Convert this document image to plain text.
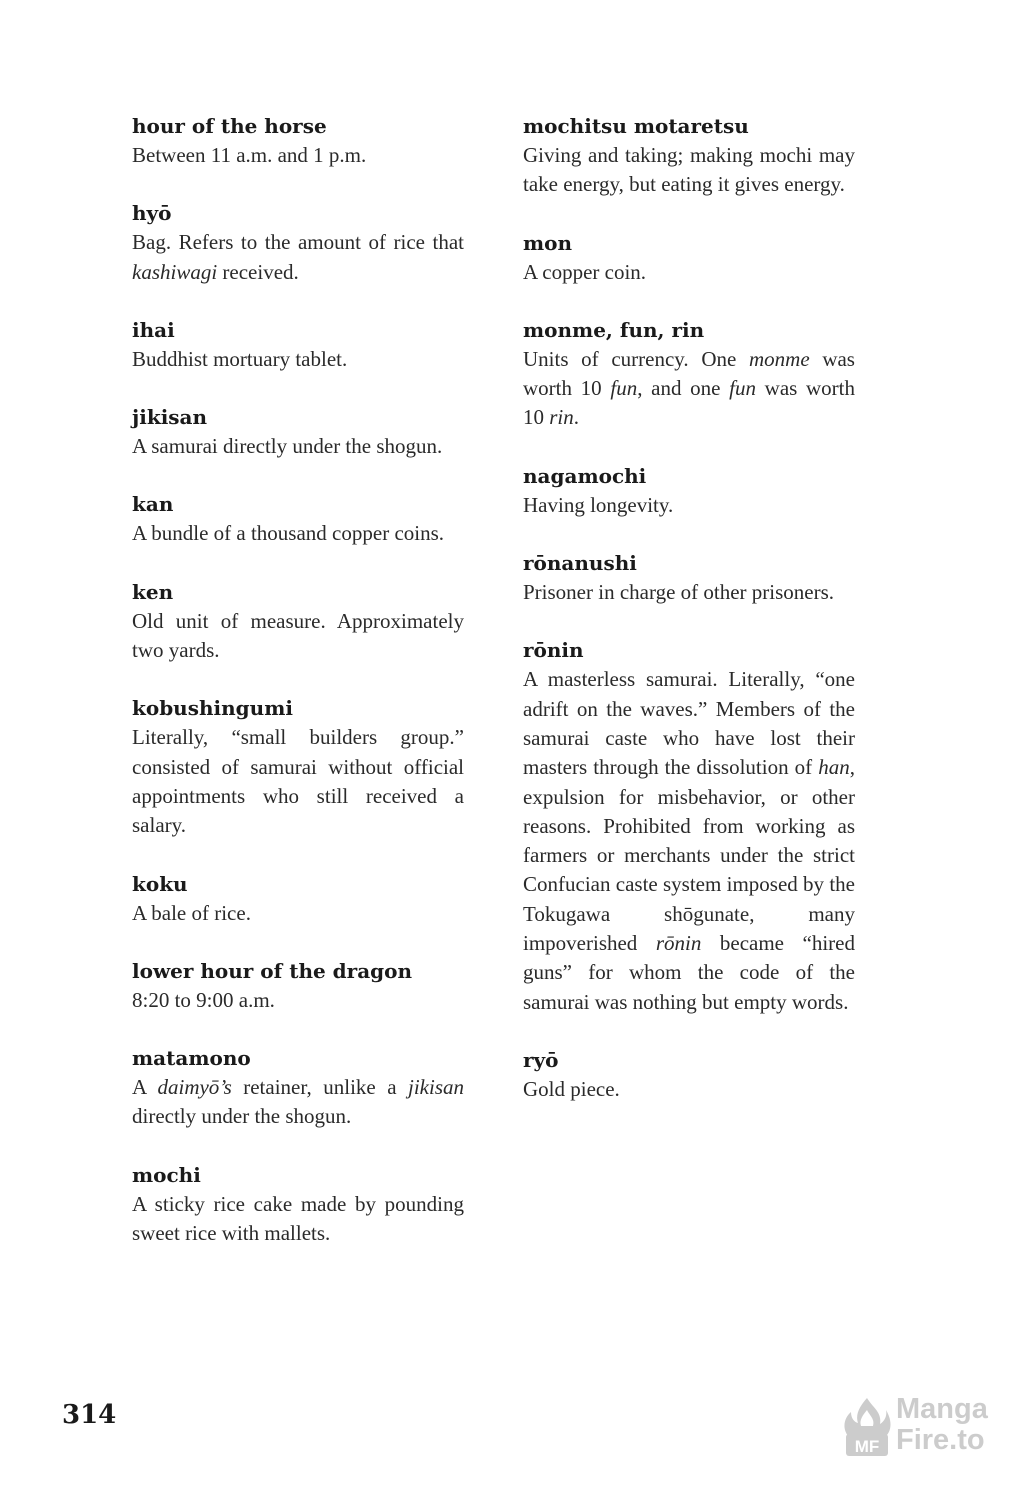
hour of the horse
Between 11 a.m. and 1 p.m.
hyō
Bag. Refers to the amount of rice that kashiwagi received.
ihai
Buddhist mortuary tablet.
jikisan
A samurai directly under the shogun.
kan
A bundle of a thousand copper coins.
ken
Old unit of measure. Approximately two yards.
kobushingumi
Literally, “small builders group.” consisted of samurai without official appointments who still received a salary.
koku
A bale of rice.
lower hour of the dragon
8:20 to 9:00 a.m.
matamono
A daimyō’s retainer, unlike a jikisan directly under the shogun.
mochi
A sticky rice cake made by pounding sweet rice with mallets.
mochitsu motaretsu
Giving and taking; making mochi may take energy, but eating it gives energy.
mon
A copper coin.
monme, fun, rin
Units of currency. One monme was worth 10 fun, and one fun was worth 10 rin.
nagamochi
Having longevity.
rōnanushi
Prisoner in charge of other prisoners.
rōnin
A masterless samurai. Literally, “one adrift on the waves.” Members of the samurai caste who have lost their masters through the dissolution of han, expulsion for misbehavior, or other reasons. Prohibited from working as farmers or merchants under the strict Confucian caste system imposed by the Tokugawa shōgunate, many impoverished rōnin became “hired guns” for whom the code of the samurai was nothing but empty words.
ryō
Gold piece.
314
MF
Manga
Fire.to
